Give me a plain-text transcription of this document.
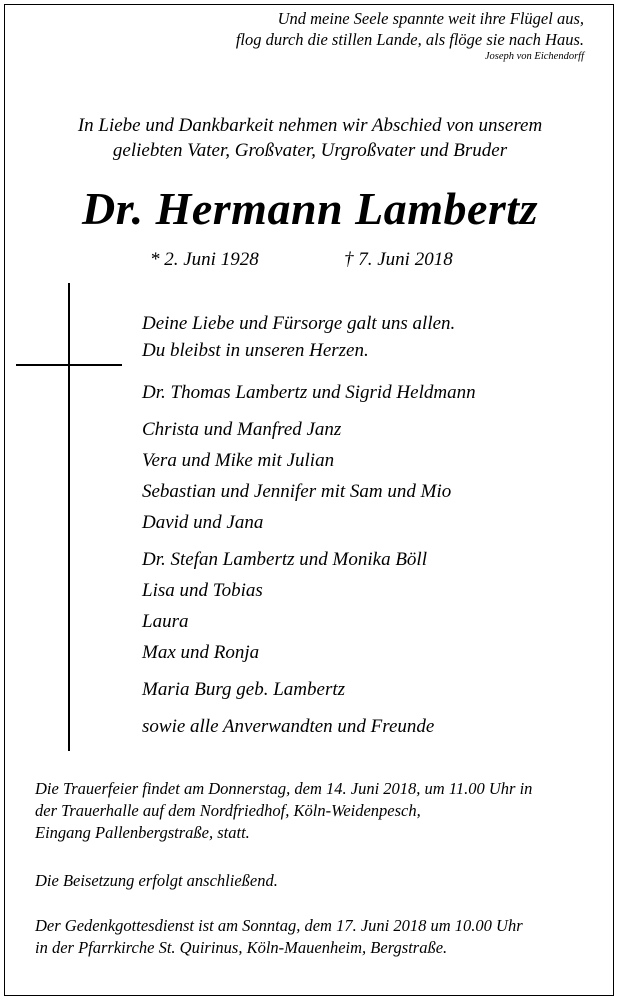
Und meine Seele spannte weit ihre Flügel aus,
flog durch die stillen Lande, als flöge sie nach Haus.
Joseph von Eichendorff
In Liebe und Dankbarkeit nehmen wir Abschied von unserem
geliebten Vater, Großvater, Urgroßvater und Bruder
Dr. Hermann Lambertz
* 2. Juni 1928	† 7. Juni 2018
Deine Liebe und Fürsorge galt uns allen.
Du bleibst in unseren Herzen.
Dr. Thomas Lambertz und Sigrid Heldmann
Christa und Manfred Janz
Vera und Mike mit Julian
Sebastian und Jennifer mit Sam und Mio
David und Jana
Dr. Stefan Lambertz und Monika Böll
Lisa und Tobias
Laura
Max und Ronja
Maria Burg geb. Lambertz
sowie alle Anverwandten und Freunde
Die Trauerfeier findet am Donnerstag, dem 14. Juni 2018, um 11.00 Uhr in
der Trauerhalle auf dem Nordfriedhof, Köln-Weidenpesch,
Eingang Pallenbergstraße, statt.
Die Beisetzung erfolgt anschließend.
Der Gedenkgottesdienst ist am Sonntag, dem 17. Juni 2018 um 10.00 Uhr
in der Pfarrkirche St. Quirinus, Köln-Mauenheim, Bergstraße.
